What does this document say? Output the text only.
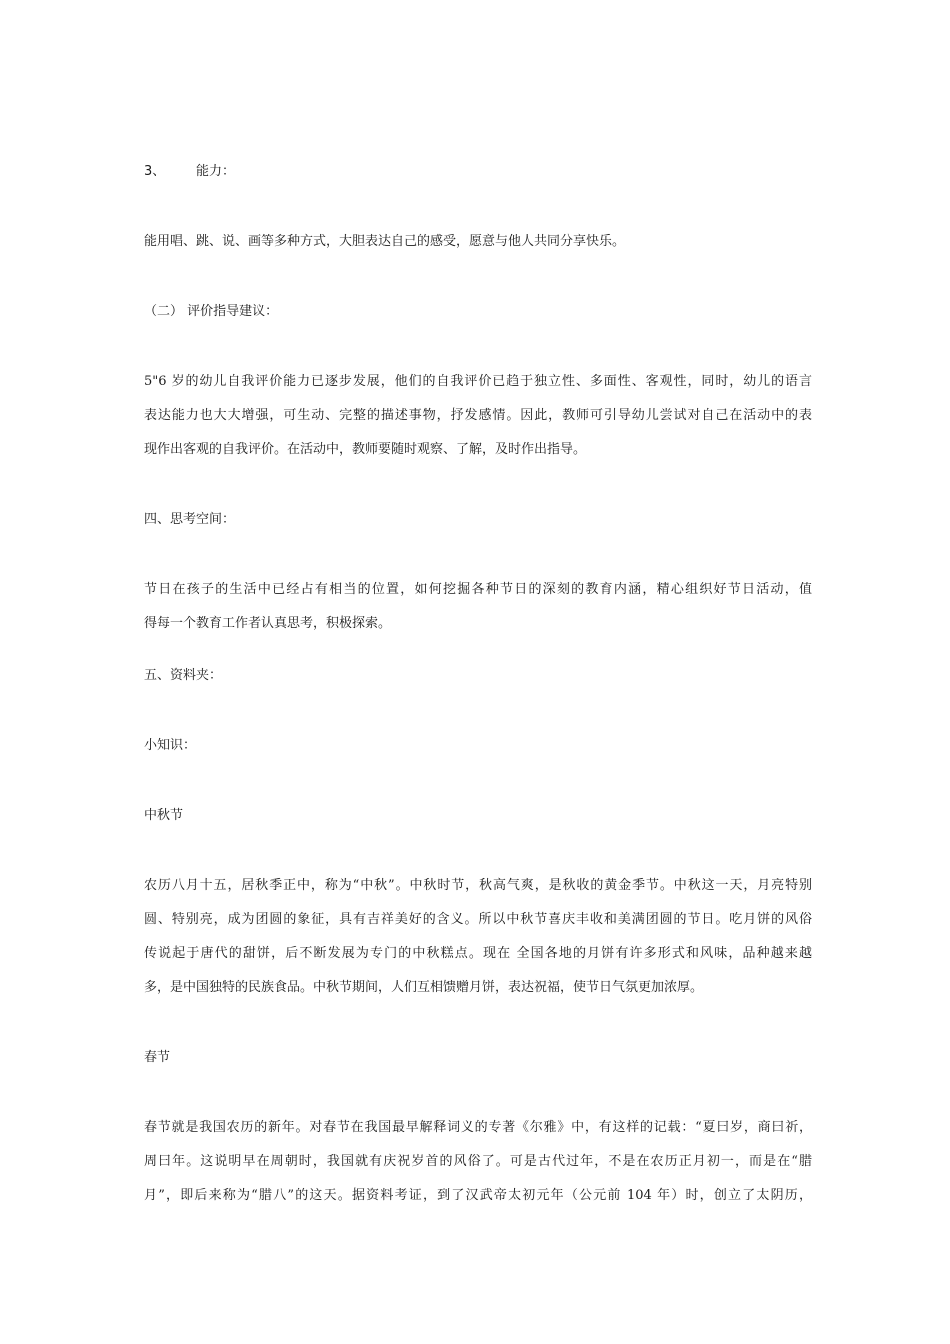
3、 能力：
能用唱、跳、说、画等多种方式，大胆表达自己的感受，愿意与他人共同分享快乐。
（二） 评价指导建议：
5"6 岁的幼儿自我评价能力已逐步发展，他们的自我评价已趋于独立性、多面性、客观性，同时，幼儿的语言
表达能力也大大增强，可生动、完整的描述事物，抒发感情。因此，教师可引导幼儿尝试对自己在活动中的表
现作出客观的自我评价。在活动中，教师要随时观察、了解，及时作出指导。
四、思考空间：
节日在孩子的生活中已经占有相当的位置，如何挖掘各种节日的深刻的教育内涵，精心组织好节日活动，值
得每一个教育工作者认真思考，积极探索。
五、资料夹：
小知识：
中秋节
农历八月十五，居秋季正中，称为“中秋”。中秋时节，秋高气爽，是秋收的黄金季节。中秋这一天，月亮特别
圆、特别亮，成为团圆的象征，具有吉祥美好的含义。所以中秋节喜庆丰收和美满团圆的节日。吃月饼的风俗
传说起于唐代的甜饼，后不断发展为专门的中秋糕点。现在 全国各地的月饼有许多形式和风味，品种越来越
多，是中国独特的民族食品。中秋节期间，人们互相馈赠月饼，表达祝福，使节日气氛更加浓厚。
春节
春节就是我国农历的新年。对春节在我国最早解释词义的专著《尔雅》中，有这样的记载：“夏曰岁，商曰祈，
周曰年。这说明早在周朝时，我国就有庆祝岁首的风俗了。可是古代过年，不是在农历正月初一，而是在“腊
月”，即后来称为“腊八”的这天。据资料考证，到了汉武帝太初元年（公元前 104 年）时，创立了太阴历，
